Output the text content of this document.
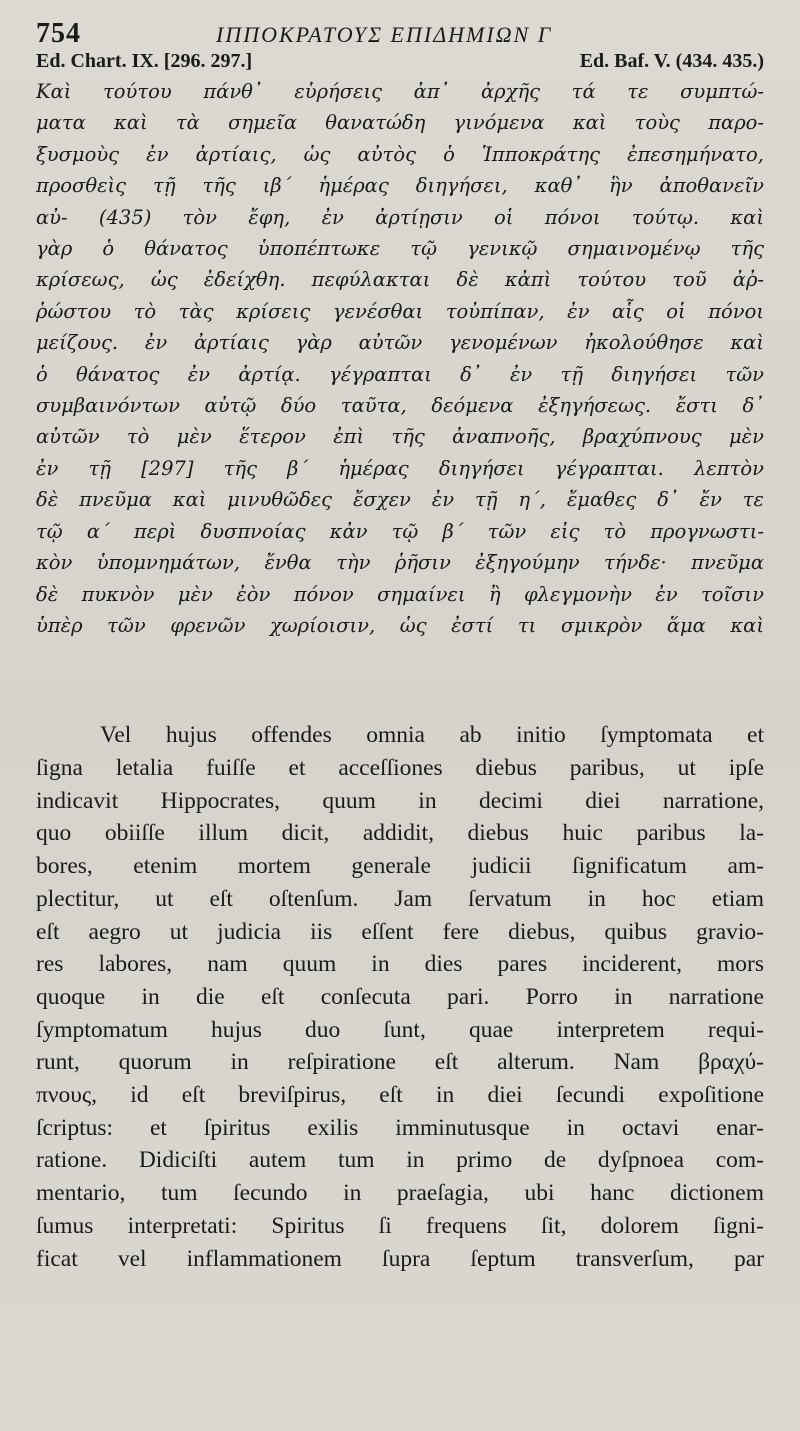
754	ΙΠΠΟΚΡΑΤΟΥΣ ΕΠΙΔΗΜΙΩΝ Γ
Ed. Chart. IX. [296. 297.]	Ed. Baf. V. (434. 435.)
Καὶ τούτου πάνθ᾽ εὑρήσεις ἀπ᾽ ἀρχῆς τά τε συμπτώ-
ματα καὶ τὰ σημεῖα θανατώδη γινόμενα καὶ τοὺς παρο-
ξυσμοὺς ἐν ἀρτίαις, ὡς αὐτὸς ὁ Ἱπποκράτης ἐπεσημήνατο,
προσθεὶς τῇ τῆς ιβ΄ ἡμέρας διηγήσει, καθ᾽ ἣν ἀποθανεῖν
αὐ- (435) τὸν ἔφη, ἐν ἀρτίῃσιν οἱ πόνοι τούτῳ. καὶ
γὰρ ὁ θάνατος ὑποπέπτωκε τῷ γενικῷ σημαινομένῳ τῆς
κρίσεως, ὡς ἐδείχθη. πεφύλακται δὲ κἀπὶ τούτου τοῦ ἀῤ-
ῥώστου τὸ τὰς κρίσεις γενέσθαι τοὐπίπαν, ἐν αἷς οἱ πόνοι
μείζους. ἐν ἀρτίαις γὰρ αὐτῶν γενομένων ἠκολούθησε καὶ
ὁ θάνατος ἐν ἀρτίᾳ. γέγραπται δ᾽ ἐν τῇ διηγήσει τῶν
συμβαινόντων αὐτῷ δύο ταῦτα, δεόμενα ἐξηγήσεως. ἔστι δ᾽
αὐτῶν τὸ μὲν ἕτερον ἐπὶ τῆς ἀναπνοῆς, βραχύπνους μὲν
ἐν τῇ [297] τῆς β΄ ἡμέρας διηγήσει γέγραπται. λεπτὸν
δὲ πνεῦμα καὶ μινυθῶδες ἔσχεν ἐν τῇ η΄, ἔμαθες δ᾽ ἔν τε
τῷ α΄ περὶ δυσπνοίας κἀν τῷ β΄ τῶν εἰς τὸ προγνωστι-
κὸν ὑπομνημάτων, ἔνθα τὴν ῥῆσιν ἐξηγούμην τήνδε· πνεῦμα
δὲ πυκνὸν μὲν ἐὸν πόνον σημαίνει ἢ φλεγμονὴν ἐν τοῖσιν
ὑπὲρ τῶν φρενῶν χωρίοισιν, ὡς ἐστί τι σμικρὸν ἅμα καὶ
Vel hujus offendes omnia ab initio ſymptomata et
ſigna letalia fuiſſe et acceſſiones diebus paribus, ut ipſe
indicavit Hippocrates, quum in decimi diei narratione,
quo obiiſſe illum dicit, addidit, diebus huic paribus la-
bores, etenim mortem generale judicii ſignificatum am-
plectitur, ut eſt oſtenſum. Jam ſervatum in hoc etiam
eſt aegro ut judicia iis eſſent fere diebus, quibus gravio-
res labores, nam quum in dies pares inciderent, mors
quoque in die eſt conſecuta pari. Porro in narratione
ſymptomatum hujus duo ſunt, quae interpretem requi-
runt, quorum in reſpiratione eſt alterum. Nam βραχύ-
πνους, id eſt breviſpirus, eſt in diei ſecundi expoſitione
ſcriptus: et ſpiritus exilis imminutusque in octavi enar-
ratione. Didiciſti autem tum in primo de dyſpnoea com-
mentario, tum ſecundo in praeſagia, ubi hanc dictionem
ſumus interpretati: Spiritus ſi frequens ſit, dolorem ſigni-
ficat vel inflammationem ſupra ſeptum transverſum, par
